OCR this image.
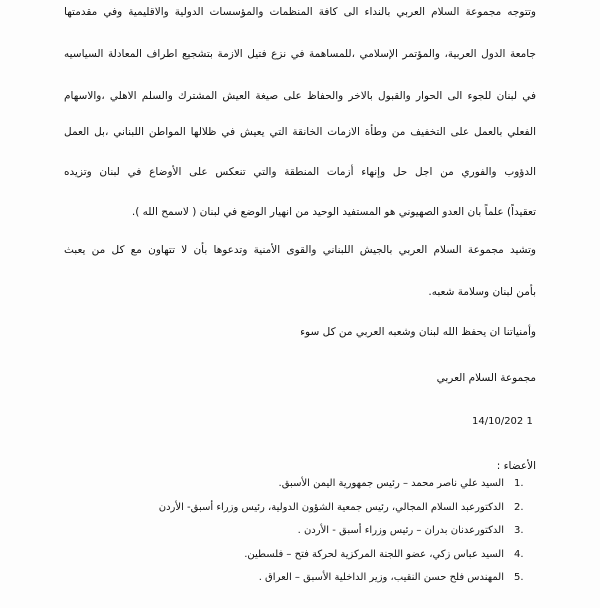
وتتوجه مجموعة السلام العربي بالنداء الى كافة المنظمات والمؤسسات الدولية والاقليمية وفي مقدمتها
جامعة الدول العربية، والمؤتمر الإسلامي ،للمساهمة في نزع فتيل الازمة بتشجيع اطراف المعادلة السياسيه
في لبنان للجوء الى الحوار والقبول بالاخر والحفاظ على صيغة العيش المشترك والسلم الاهلي ،والاسهام
الفعلي بالعمل على التخفيف من وطأة الازمات الخانقة التي يعيش في ظلالها المواطن اللبناني ،بل العمل
الدؤوب والفوري من اجل حل وإنهاء أزمات المنطقة والتي تنعكس على الأوضاع في لبنان وتزيده
تعقيداً) علماً بان العدو الصهيوني هو المستفيد الوحيد من انهيار الوضع في لبنان ( لاسمح الله ).
وتشيد مجموعة السلام العربي بالجيش اللبناني والقوى الأمنية وتدعوها بأن لا تتهاون مع كل من يعبث
بأمن لبنان وسلامة شعبه.
وأمنياتنا ان يحفظ الله لبنان وشعبه العربي من كل سوء
مجموعة السلام العربي
14/10/202 1
الأعضاء :
1.
السيد علي ناصر محمد – رئيس جمهورية اليمن الأسبق.
2.
الدكتورعبد السلام المجالي، رئيس جمعية الشؤون الدولية، رئيس وزراء أسبق- الأردن
3.
الدكتورعدنان بدران – رئيس وزراء أسبق - الأردن .
4.
السيد عباس زكي، عضو اللجنة المركزية لحركة فتح – فلسطين.
5.
المهندس فلح حسن النقيب، وزير الداخلية الأسبق – العراق .
